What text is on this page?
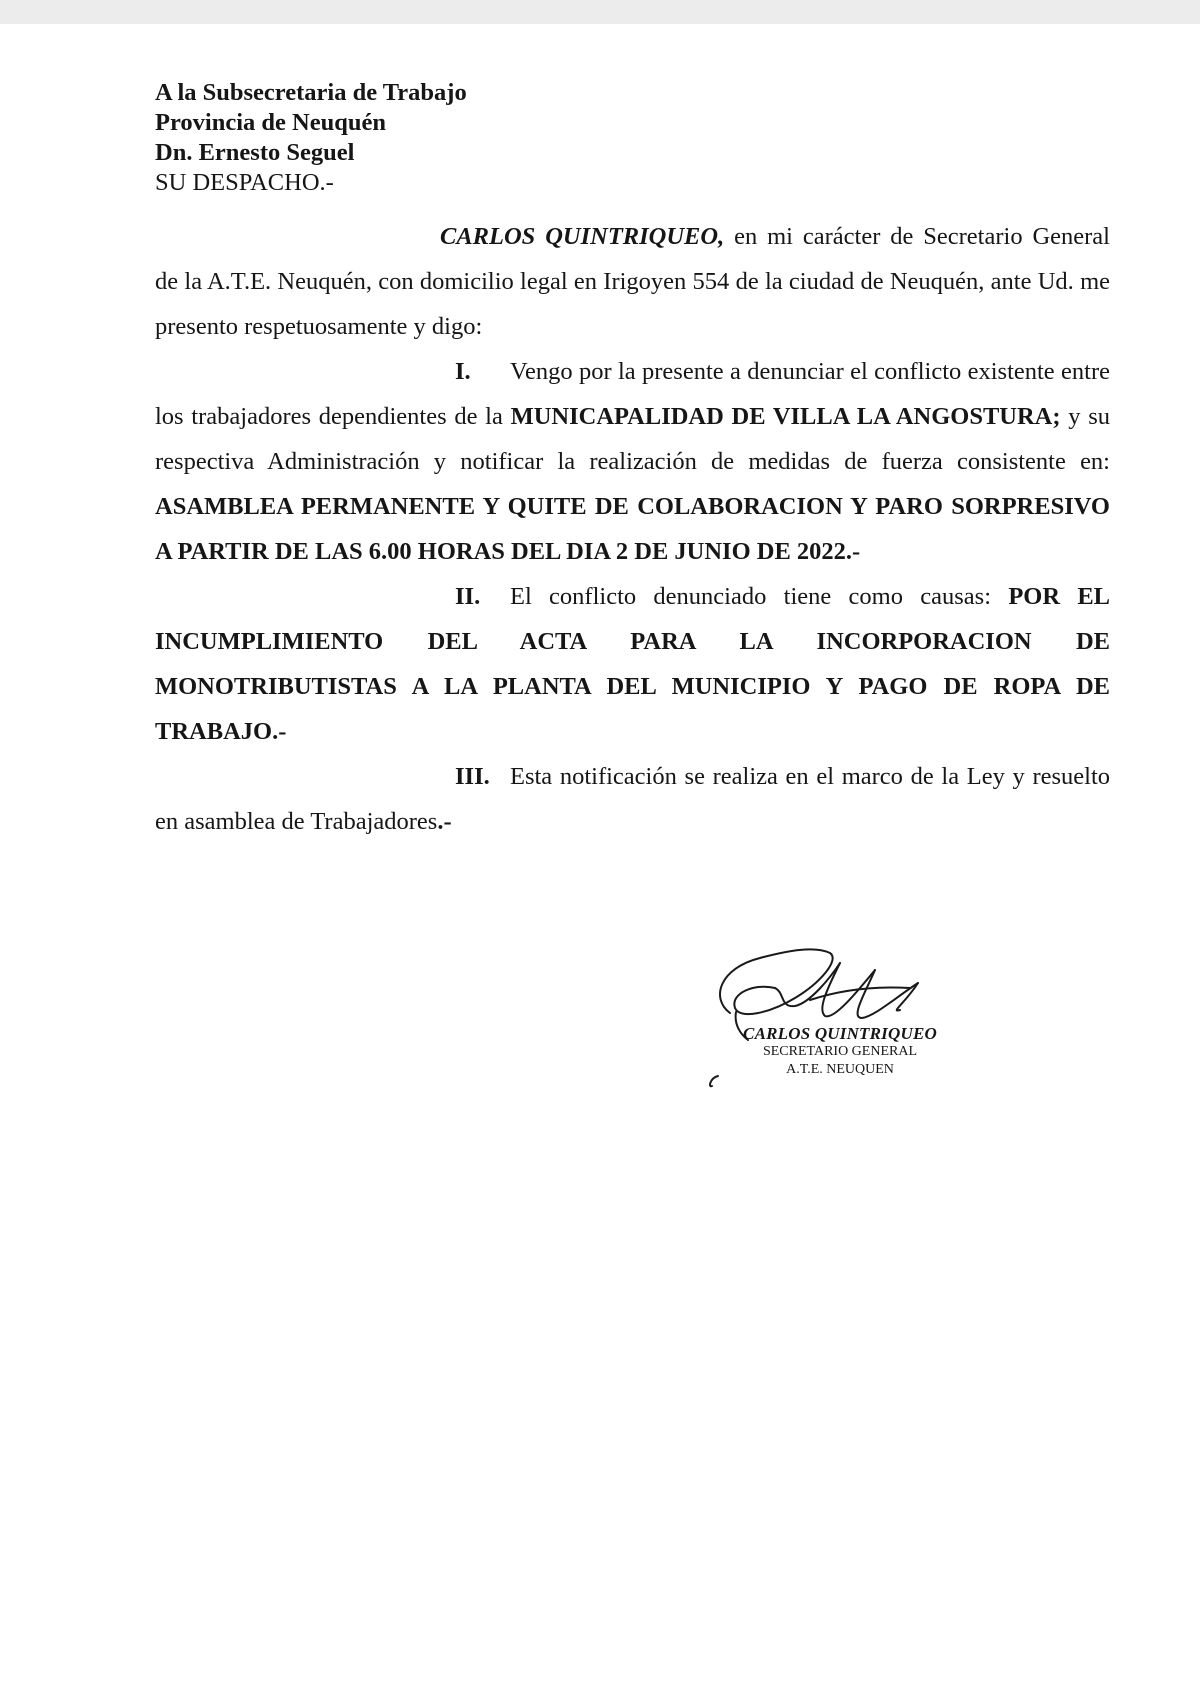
A la Subsecretaria de Trabajo
Provincia de Neuquén
Dn. Ernesto Seguel
SU DESPACHO.-

CARLOS QUINTRIQUEO, en mi carácter de Secretario General de la A.T.E. Neuquén, con domicilio legal en Irigoyen 554 de la ciudad de Neuquén, ante Ud. me presento respetuosamente y digo:

I. Vengo por la presente a denunciar el conflicto existente entre los trabajadores dependientes de la MUNICAPALIDAD DE VILLA LA ANGOSTURA; y su respectiva Administración y notificar la realización de medidas de fuerza consistente en: ASAMBLEA PERMANENTE Y QUITE DE COLABORACION Y PARO SORPRESIVO A PARTIR DE LAS 6.00 HORAS DEL DIA 2 DE JUNIO DE 2022.-

II. El conflicto denunciado tiene como causas: POR EL INCUMPLIMIENTO DEL ACTA PARA LA INCORPORACION DE MONOTRIBUTISTAS A LA PLANTA DEL MUNICIPIO Y PAGO DE ROPA DE TRABAJO.-

III. Esta notificación se realiza en el marco de la Ley y resuelto en asamblea de Trabajadores.-

CARLOS QUINTRIQUEO
SECRETARIO GENERAL
A.T.E. NEUQUEN
